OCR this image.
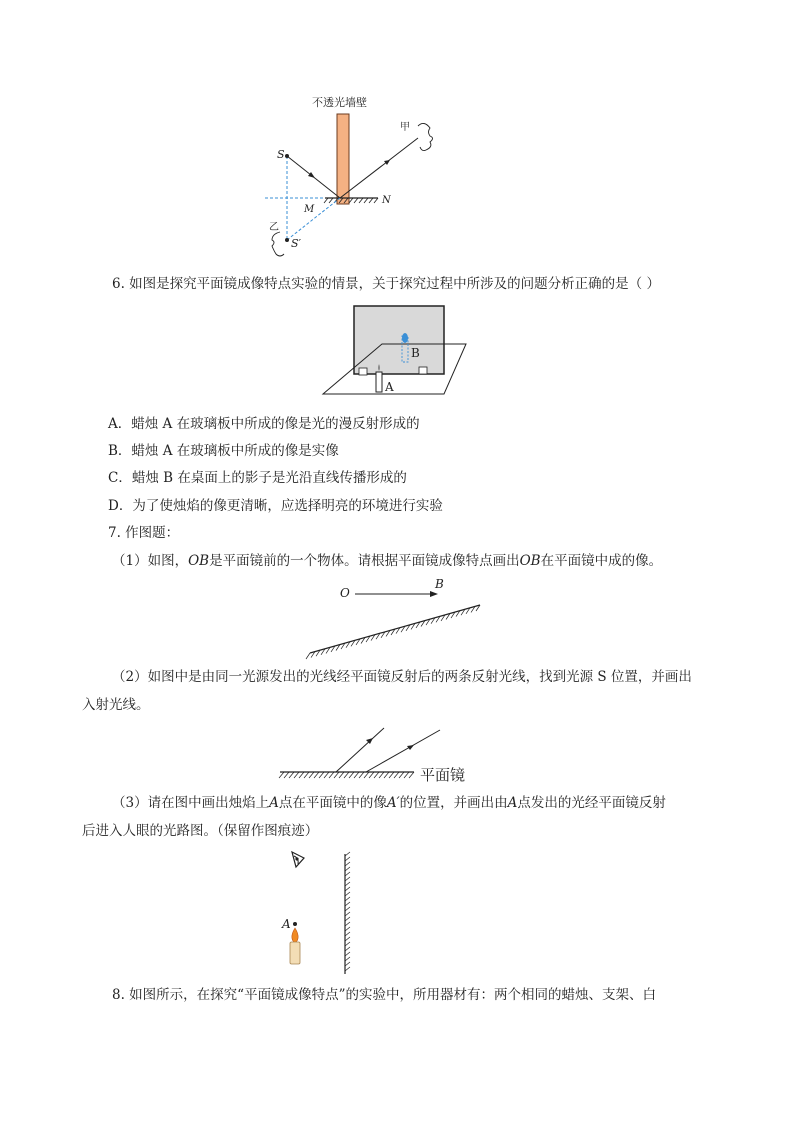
不透光墙壁
S
S′
M
N
甲
乙
6. 如图是探究平面镜成像特点实验的情景，关于探究过程中所涉及的问题分析正确的是（ ）
B
A
A．蜡烛 A 在玻璃板中所成的像是光的漫反射形成的
B．蜡烛 A 在玻璃板中所成的像是实像
C．蜡烛 B 在桌面上的影子是光沿直线传播形成的
D．为了使烛焰的像更清晰，应选择明亮的环境进行实验
7. 作图题：
（1）如图，OB是平面镜前的一个物体。请根据平面镜成像特点画出OB在平面镜中成的像。
O
B
（2）如图中是由同一光源发出的光线经平面镜反射后的两条反射光线，找到光源 S 位置，并画出
入射光线。
平面镜
（3）请在图中画出烛焰上A点在平面镜中的像A′的位置，并画出由A点发出的光经平面镜反射
后进入人眼的光路图。（保留作图痕迹）
A
8. 如图所示，在探究“平面镜成像特点”的实验中，所用器材有：两个相同的蜡烛、支架、白
